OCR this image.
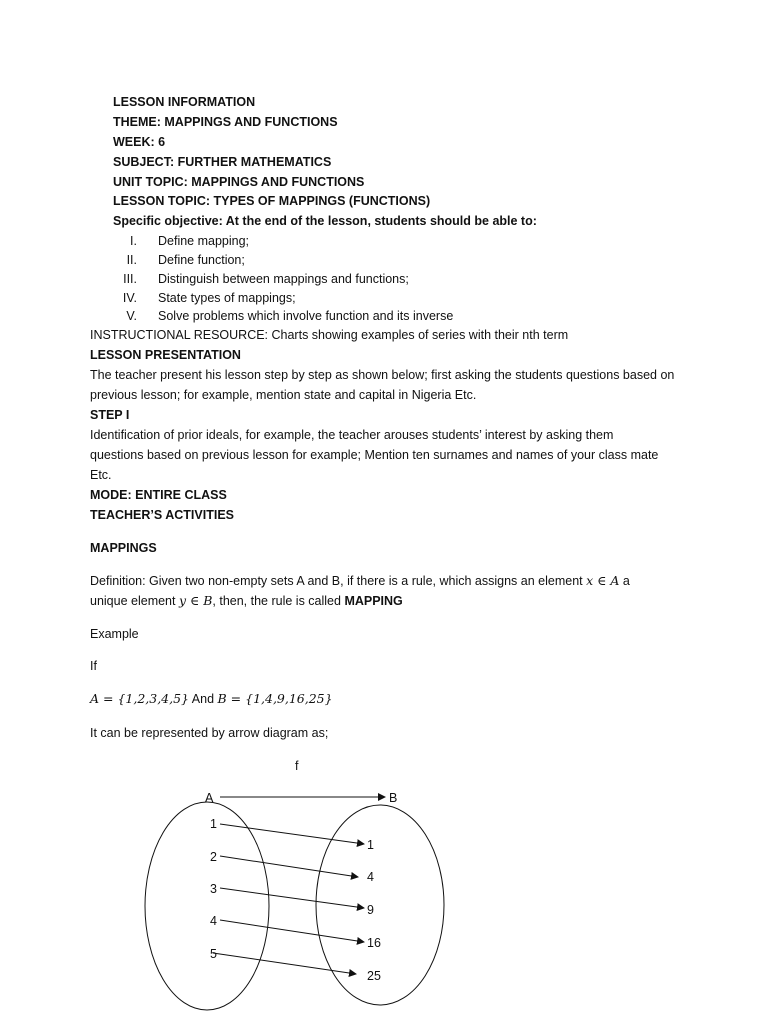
LESSON INFORMATION
THEME: MAPPINGS AND FUNCTIONS
WEEK: 6
SUBJECT: FURTHER MATHEMATICS
UNIT TOPIC: MAPPINGS AND FUNCTIONS
LESSON TOPIC: TYPES OF MAPPINGS (FUNCTIONS)
Specific objective: At the end of the lesson, students should be able to:
I. Define mapping;
II. Define function;
III. Distinguish between mappings and functions;
IV. State types of mappings;
V. Solve problems which involve function and its inverse
INSTRUCTIONAL RESOURCE: Charts showing examples of series with their nth term
LESSON PRESENTATION
The teacher present his lesson step by step as shown below; first asking the students questions based on
previous lesson; for example, mention state and capital in Nigeria Etc.
STEP I
Identification of prior ideals, for example, the teacher arouses students’ interest by asking them
questions based on previous lesson for example; Mention ten surnames and names of your class mate
Etc.
MODE: ENTIRE CLASS
TEACHER’S ACTIVITIES
MAPPINGS
Definition: Given two non-empty sets A and B, if there is a rule, which assigns an element x ∈ A a
unique element y ∈ B, then, the rule is called MAPPING
Example
If
A = {1,2,3,4,5} And B = {1,4,9,16,25}
It can be represented by arrow diagram as;
f
A	B
1
2
3
4
5
1
4
9
16
25
